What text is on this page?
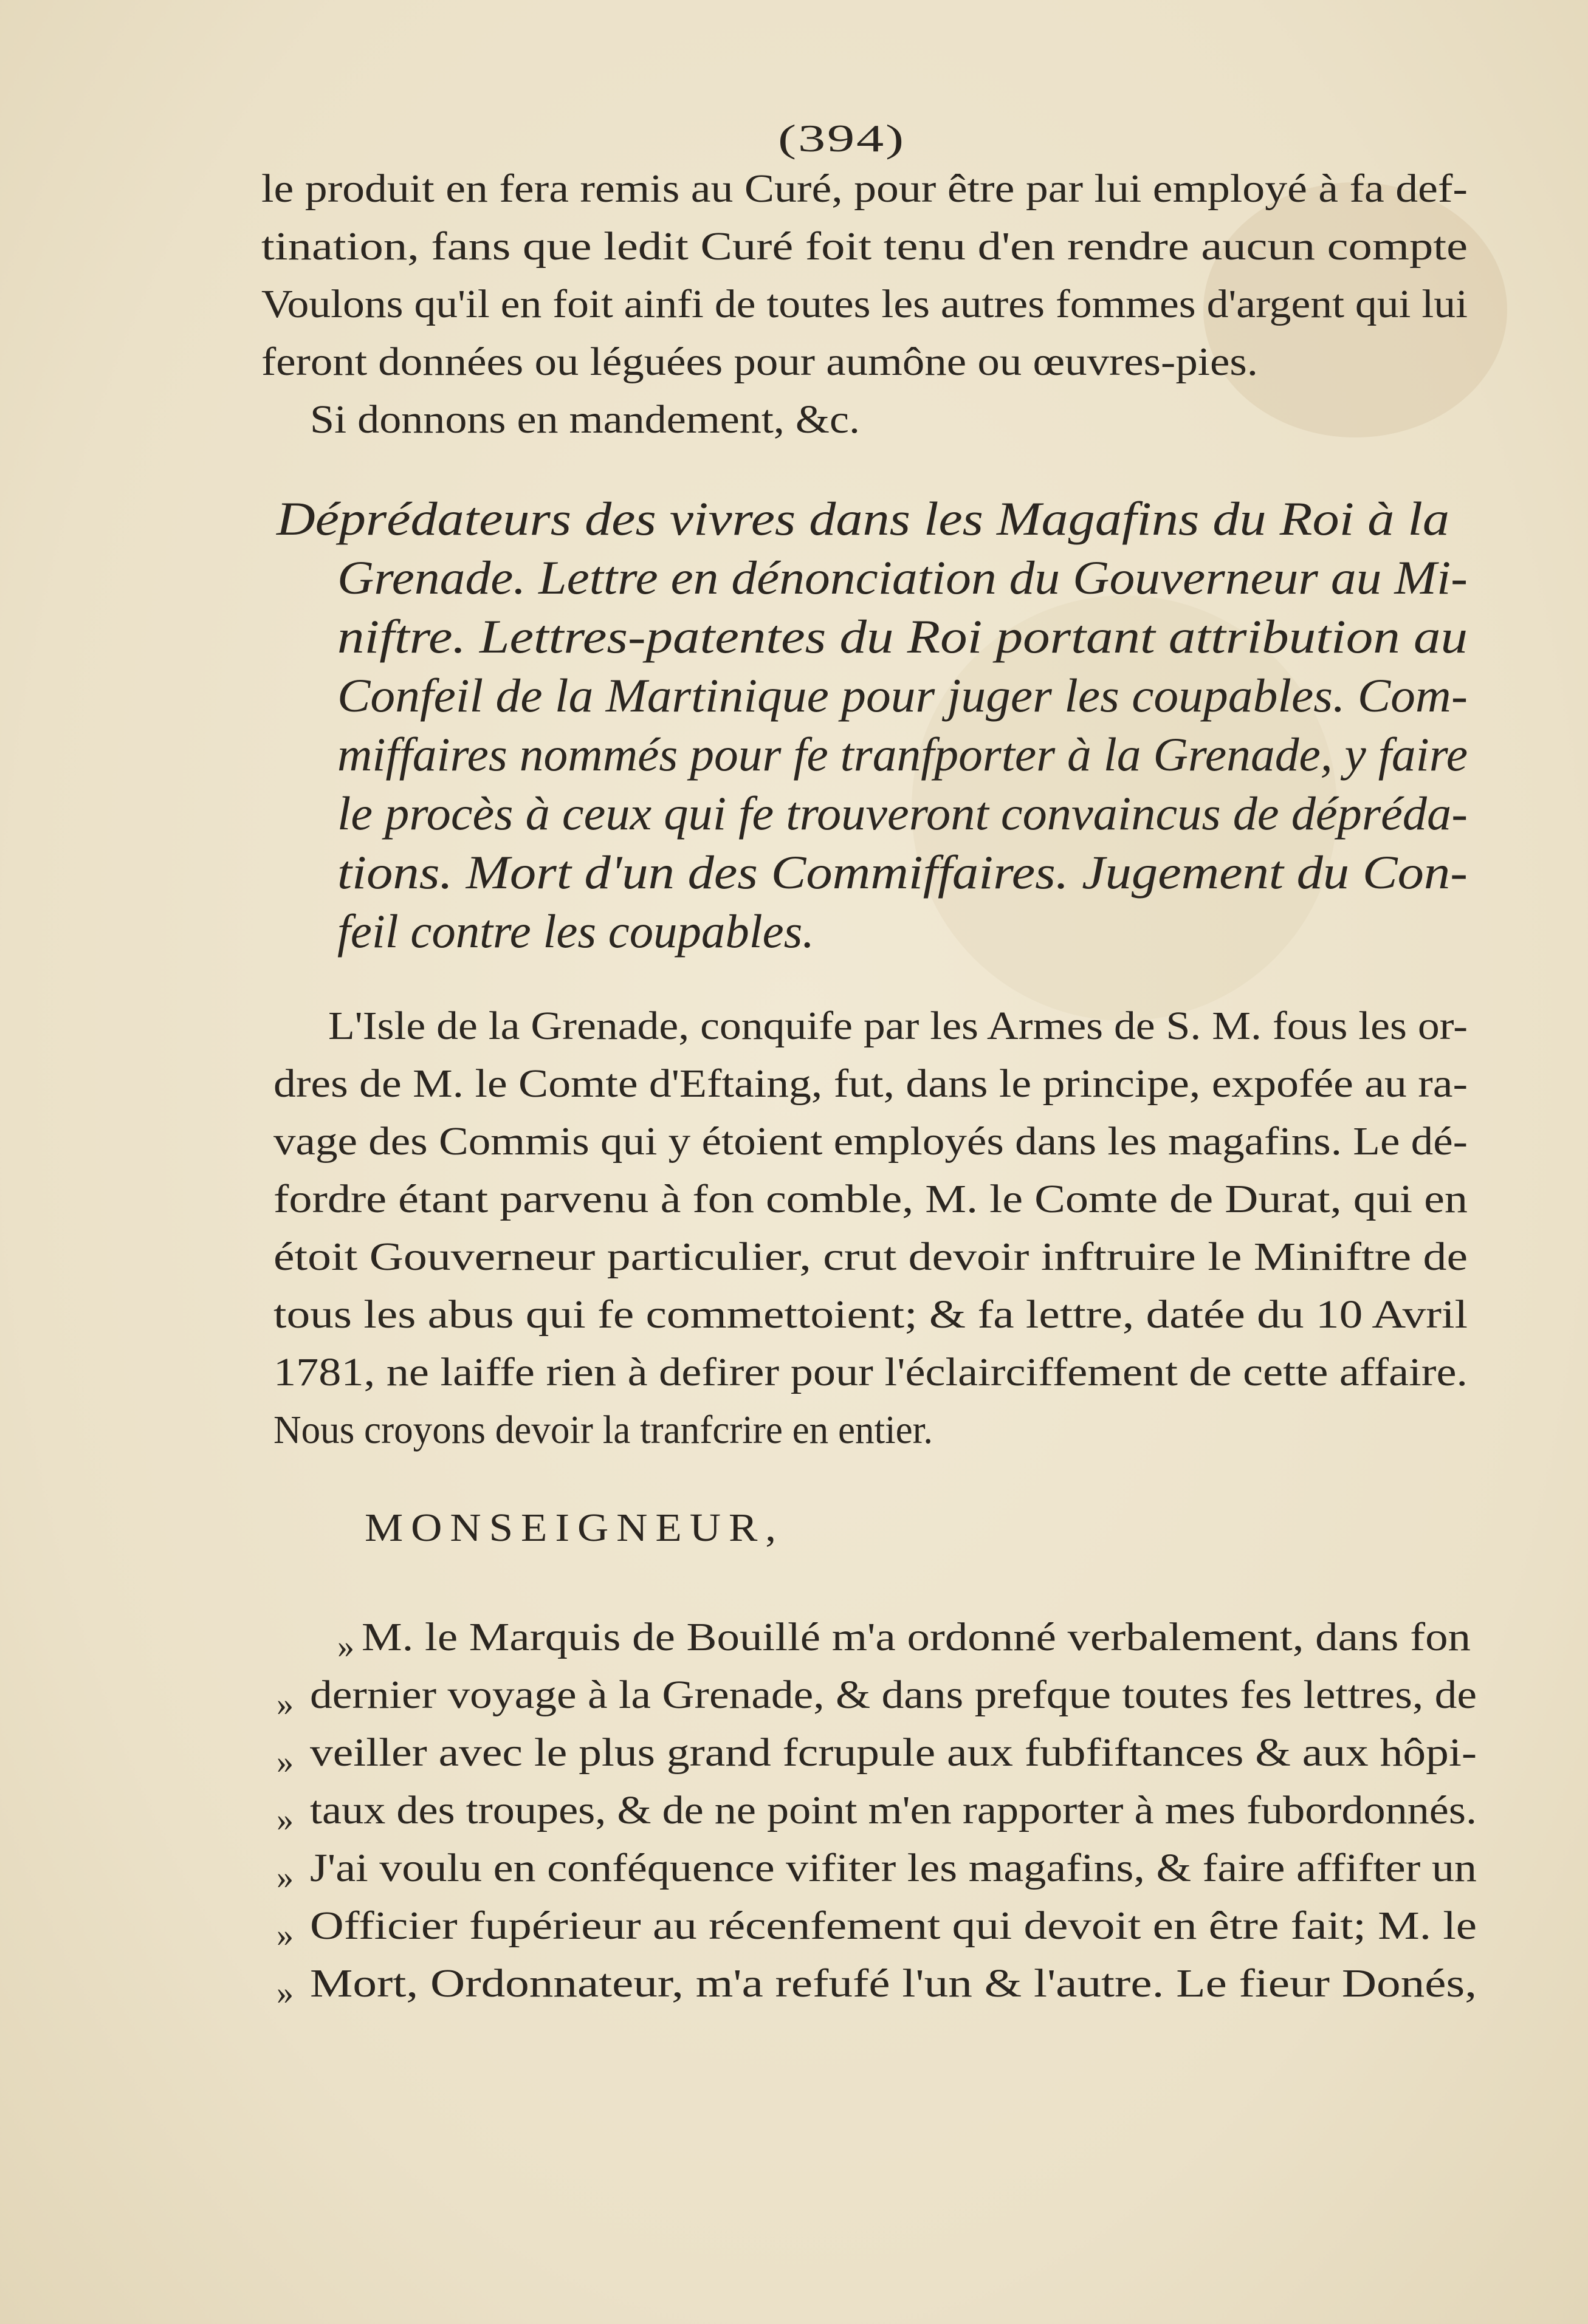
(394)
le produit en fera remis au Curé, pour être par lui employé à fa def-
tination, fans que ledit Curé foit tenu d'en rendre aucun compte
Voulons qu'il en foit ainfi de toutes les autres fommes d'argent qui lui
feront données ou léguées pour aumône ou œuvres-pies.
Si donnons en mandement, &c.
Déprédateurs des vivres dans les Magafins du Roi à la
Grenade. Lettre en dénonciation du Gouverneur au Mi-
niftre. Lettres-patentes du Roi portant attribution au
Confeil de la Martinique pour juger les coupables. Com-
miffaires nommés pour fe tranfporter à la Grenade, y faire
le procès à ceux qui fe trouveront convaincus de dépréda-
tions. Mort d'un des Commiffaires. Jugement du Con-
feil contre les coupables.
L'Isle de la Grenade, conquife par les Armes de S. M. fous les or-
dres de M. le Comte d'Eftaing, fut, dans le principe, expofée au ra-
vage des Commis qui y étoient employés dans les magafins. Le dé-
fordre étant parvenu à fon comble, M. le Comte de Durat, qui en
étoit Gouverneur particulier, crut devoir inftruire le Miniftre de
tous les abus qui fe commettoient; & fa lettre, datée du 10 Avril
1781, ne laiffe rien à defirer pour l'éclairciffement de cette affaire.
Nous croyons devoir la tranfcrire en entier.
MONSEIGNEUR,
»
»
»
»
»
»
»
M. le Marquis de Bouillé m'a ordonné verbalement, dans fon
dernier voyage à la Grenade, & dans prefque toutes fes lettres, de
veiller avec le plus grand fcrupule aux fubfiftances & aux hôpi-
taux des troupes, & de ne point m'en rapporter à mes fubordonnés.
J'ai voulu en conféquence vifiter les magafins, & faire affifter un
Officier fupérieur au récenfement qui devoit en être fait; M. le
Mort, Ordonnateur, m'a refufé l'un & l'autre. Le fieur Donés,
